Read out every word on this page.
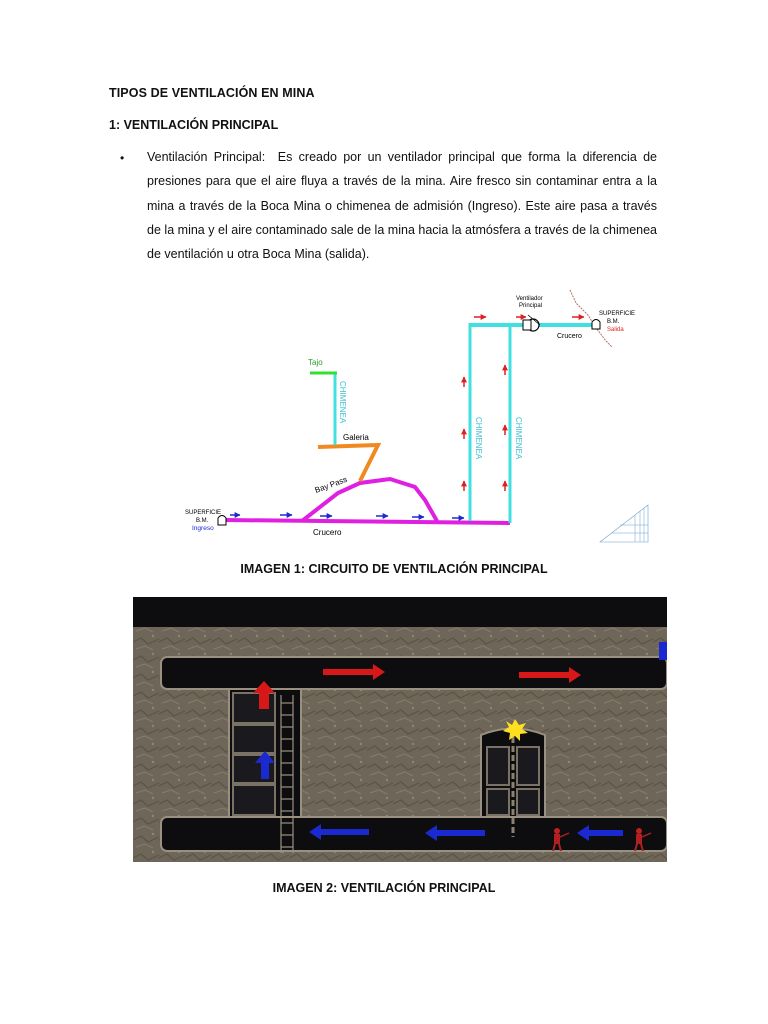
TIPOS DE VENTILACIÓN EN MINA
1: VENTILACIÓN PRINCIPAL
• Ventilación Principal: Es creado por un ventilador principal que forma la diferencia de presiones para que el aire fluya a través de la mina. Aire fresco sin contaminar entra a la mina a través de la Boca Mina o chimenea de admisión (Ingreso). Este aire pasa a través de la mina y el aire contaminado sale de la mina hacia la atmósfera a través de la chimenea de ventilación u otra Boca Mina (salida).
Tajo
CHIMENEA
Galeria
Bay Pass
SUPERFICIE
B.M.
Ingreso	Crucero
CHIMENEA	CHIMENEA
Ventilador
Principal
Crucero
SUPERFICIE
B.M.
Salida
IMAGEN 1: CIRCUITO DE VENTILACIÓN PRINCIPAL
IMAGEN 2: VENTILACIÓN PRINCIPAL
